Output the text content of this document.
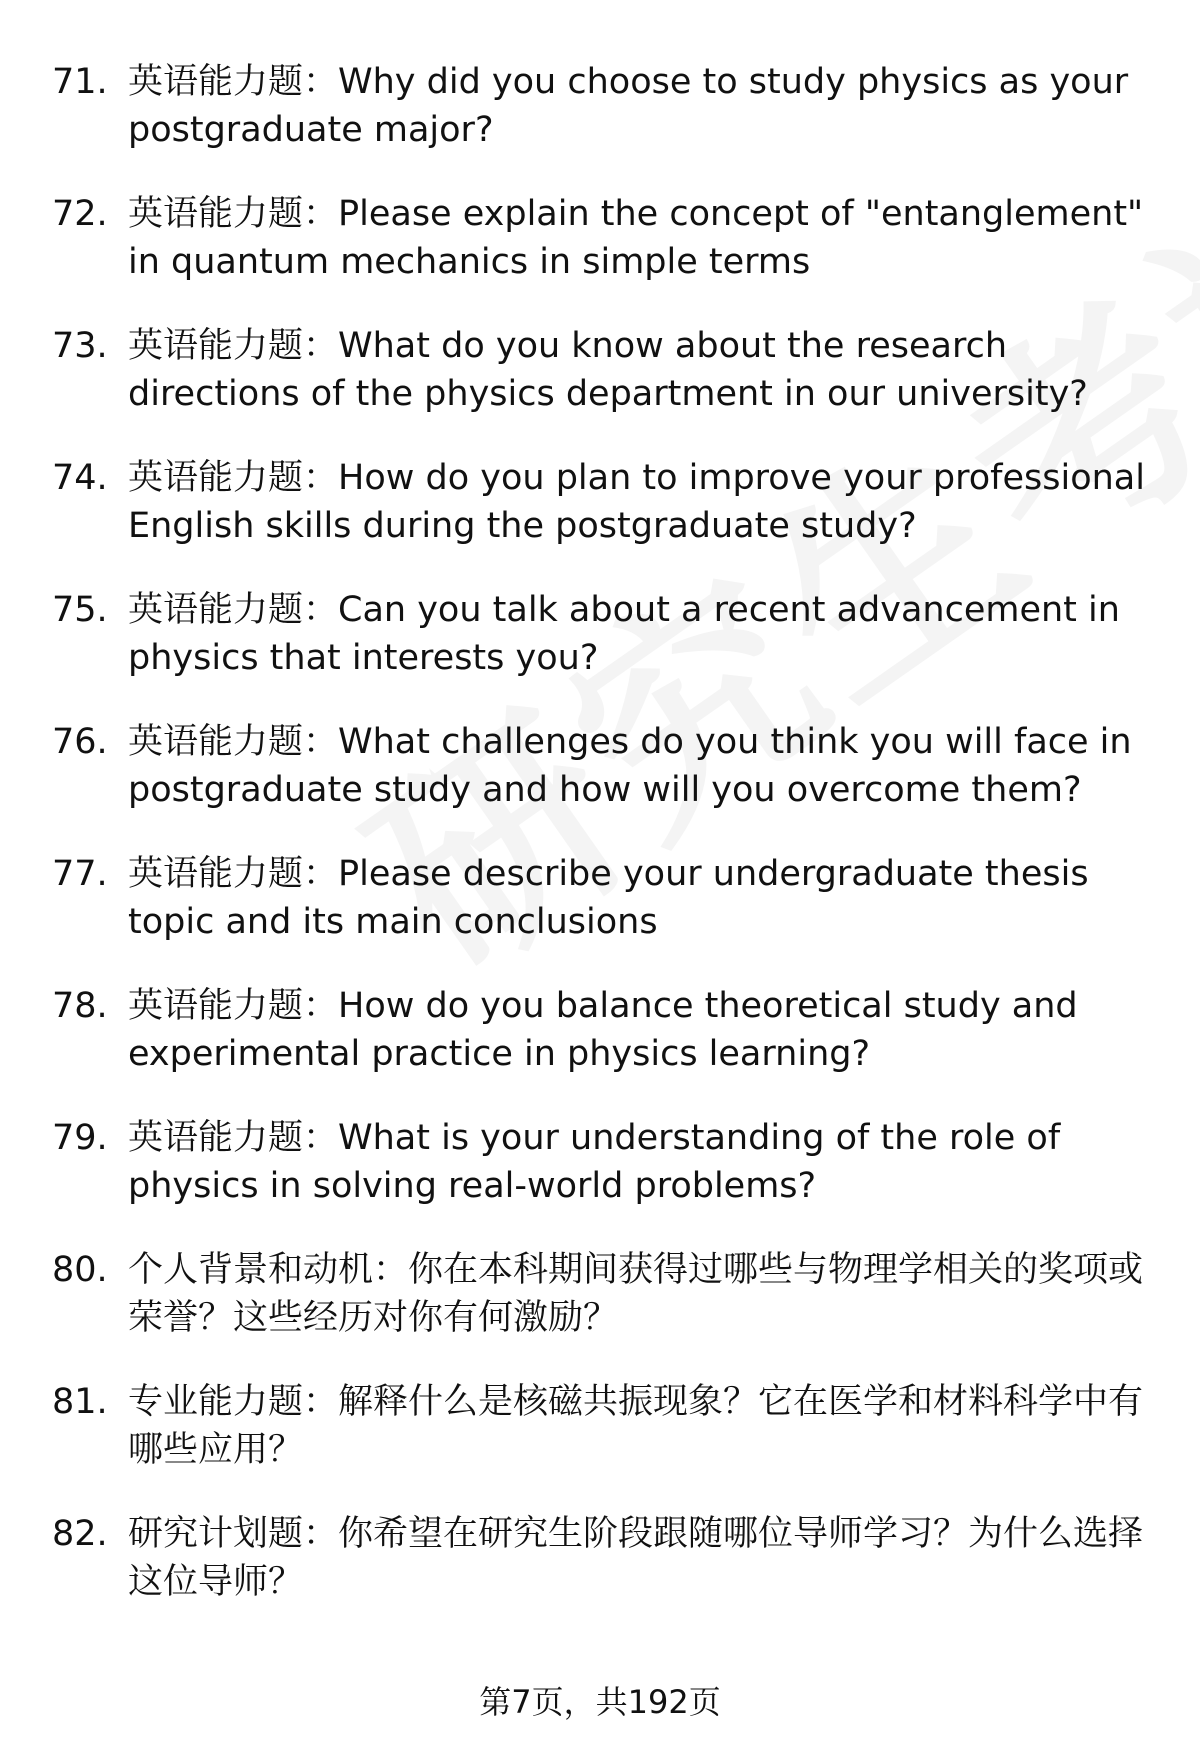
71. 英语能力题：Why did you choose to study physics as your postgraduate major?
72. 英语能力题：Please explain the concept of "entanglement" in quantum mechanics in simple terms
73. 英语能力题：What do you know about the research directions of the physics department in our university?
74. 英语能力题：How do you plan to improve your professional English skills during the postgraduate study?
75. 英语能力题：Can you talk about a recent advancement in physics that interests you?
76. 英语能力题：What challenges do you think you will face in postgraduate study and how will you overcome them?
77. 英语能力题：Please describe your undergraduate thesis topic and its main conclusions
78. 英语能力题：How do you balance theoretical study and experimental practice in physics learning?
79. 英语能力题：What is your understanding of the role of physics in solving real-world problems?
80. 个人背景和动机：你在本科期间获得过哪些与物理学相关的奖项或荣誉？这些经历对你有何激励？
81. 专业能力题：解释什么是核磁共振现象？它在医学和材料科学中有哪些应用？
82. 研究计划题：你希望在研究生阶段跟随哪位导师学习？为什么选择这位导师？
第7页，共192页
